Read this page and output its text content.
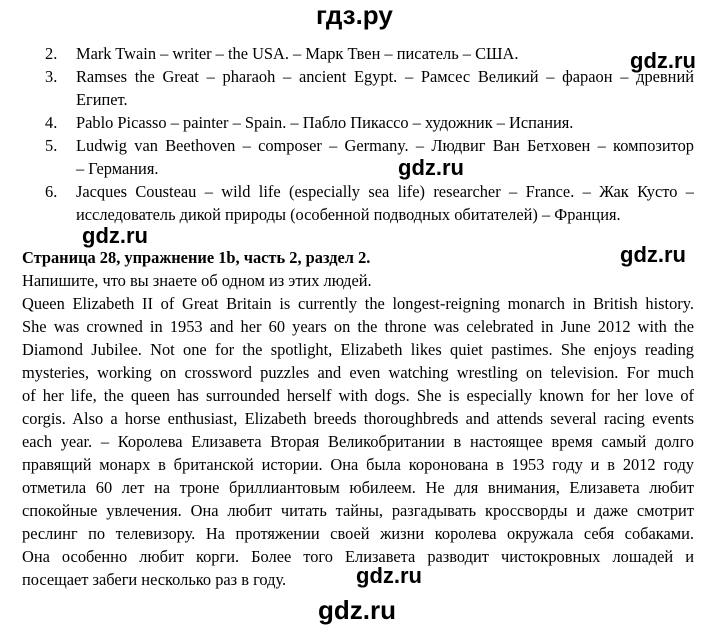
гдз.ру
gdz.ru
gdz.ru
gdz.ru
gdz.ru
gdz.ru
gdz.ru
2. Mark Twain – writer – the USA. – Марк Твен – писатель – США.
3. Ramses the Great – pharaoh – ancient Egypt. – Рамсес Великий – фараон – древний
Египет.
4. Pablo Picasso – painter – Spain. – Пабло Пикассо – художник – Испания.
5. Ludwig van Beethoven – composer – Germany. – Людвиг Ван Бетховен – композитор
– Германия.
6. Jacques Cousteau – wild life (especially sea life) researcher – France. – Жак Кусто –
исследователь дикой природы (особенной подводных обитателей) – Франция.
Страница 28, упражнение 1b, часть 2, раздел 2.
Напишите, что вы знаете об одном из этих людей.
Queen Elizabeth II of Great Britain is currently the longest-reigning monarch in British history.
She was crowned in 1953 and her 60 years on the throne was celebrated in June 2012 with the
Diamond Jubilee. Not one for the spotlight, Elizabeth likes quiet pastimes. She enjoys reading
mysteries, working on crossword puzzles and even watching wrestling on television. For much
of her life, the queen has surrounded herself with dogs. She is especially known for her love of
corgis. Also a horse enthusiast, Elizabeth breeds thoroughbreds and attends several racing events
each year. – Королева Елизавета Вторая Великобритании в настоящее время самый долго
правящий монарх в британской истории. Она была коронована в 1953 году и в 2012 году
отметила 60 лет на троне бриллиантовым юбилеем. Не для внимания, Елизавета любит
спокойные увлечения. Она любит читать тайны, разгадывать кроссворды и даже смотрит
реслинг по телевизору. На протяжении своей жизни королева окружала себя собаками.
Она особенно любит корги. Более того Елизавета разводит чистокровных лошадей и
посещает забеги несколько раз в году.
